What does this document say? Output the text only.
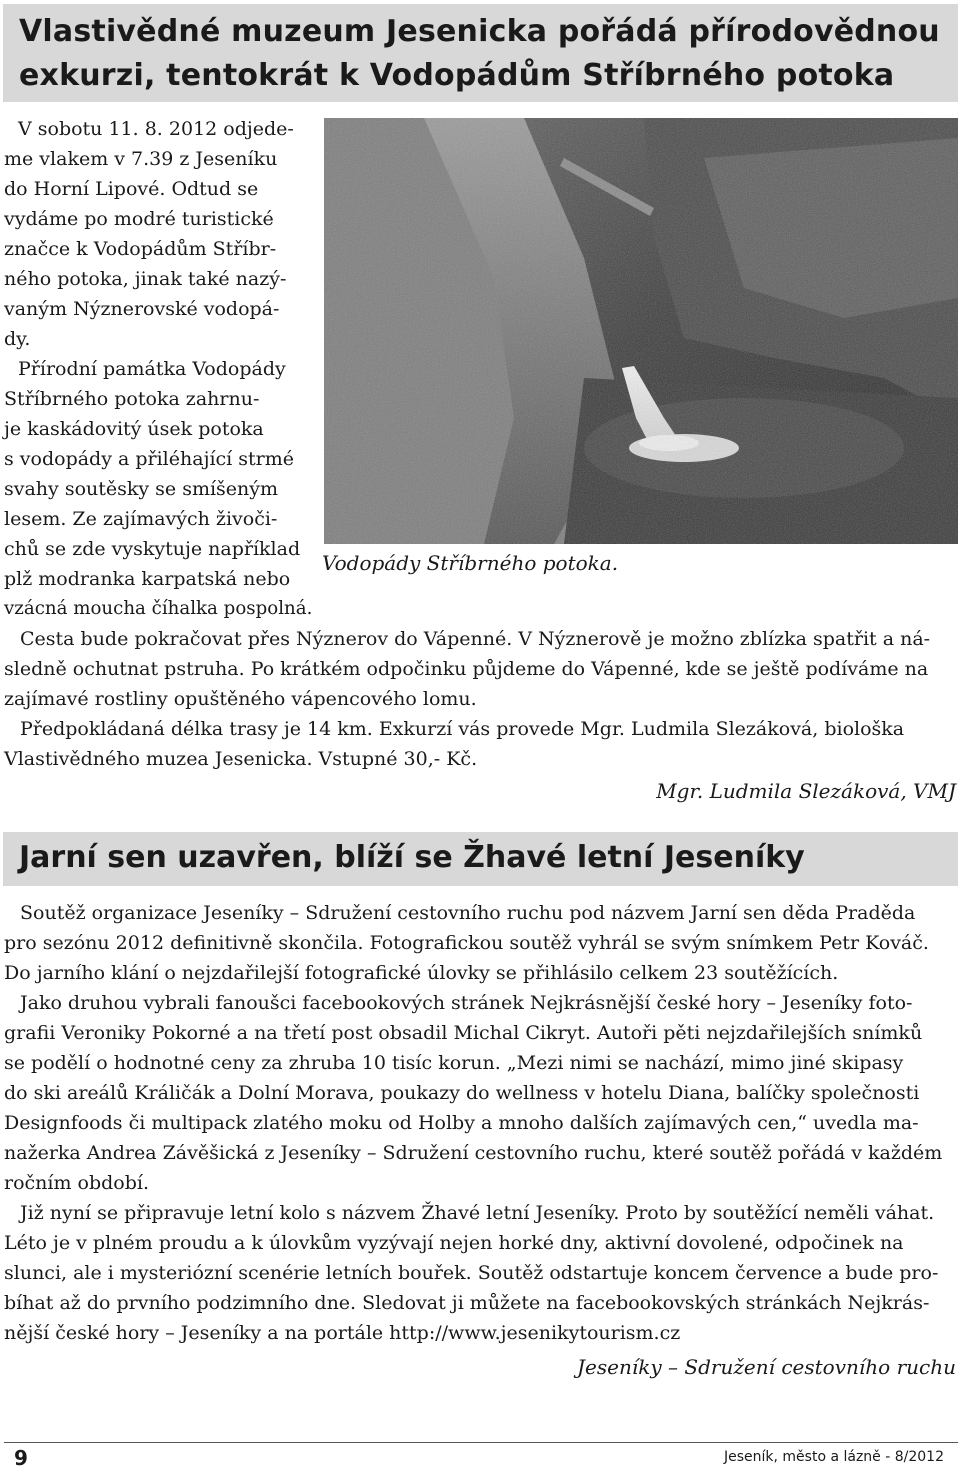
Vlastivědné muzeum Jesenicka pořádá přírodovědnou
exkurzi, tentokrát k Vodopádům Stříbrného potoka
V sobotu 11. 8. 2012 odjede-
me vlakem v 7.39 z Jeseníku
do Horní Lipové. Odtud se
vydáme po modré turistické
značce k Vodopádům Stříbr-
ného potoka, jinak také nazý-
vaným Nýznerovské vodopá-
dy.
Přírodní památka Vodopády
Stříbrného potoka zahrnu-
je kaskádovitý úsek potoka
s vodopády a přiléhající strmé
svahy soutěsky se smíšeným
lesem. Ze zajímavých živoči-
chů se zde vyskytuje například
plž modranka karpatská nebo
vzácná moucha číhalka pospolná.
Vodopády Stříbrného potoka.
Cesta bude pokračovat přes Nýznerov do Vápenné. V Nýznerově je možno zblízka spatřit a ná-
sledně ochutnat pstruha. Po krátkém odpočinku půjdeme do Vápenné, kde se ještě podíváme na
zajímavé rostliny opuštěného vápencového lomu.
Předpokládaná délka trasy je 14 km. Exkurzí vás provede Mgr. Ludmila Slezáková, biološka
Vlastivědného muzea Jesenicka. Vstupné 30,- Kč.
Mgr. Ludmila Slezáková, VMJ
Jarní sen uzavřen, blíží se Žhavé letní Jeseníky
Soutěž organizace Jeseníky – Sdružení cestovního ruchu pod názvem Jarní sen děda Praděda
pro sezónu 2012 definitivně skončila. Fotografickou soutěž vyhrál se svým snímkem Petr Kováč.
Do jarního klání o nejzdařilejší fotografické úlovky se přihlásilo celkem 23 soutěžících.
Jako druhou vybrali fanoušci facebookových stránek Nejkrásnější české hory – Jeseníky foto-
grafii Veroniky Pokorné a na třetí post obsadil Michal Cikryt. Autoři pěti nejzdařilejších snímků
se podělí o hodnotné ceny za zhruba 10 tisíc korun. „Mezi nimi se nachází, mimo jiné skipasy
do ski areálů Králičák a Dolní Morava, poukazy do wellness v hotelu Diana, balíčky společnosti
Designfoods či multipack zlatého moku od Holby a mnoho dalších zajímavých cen,“ uvedla ma-
nažerka Andrea Závěšická z Jeseníky – Sdružení cestovního ruchu, které soutěž pořádá v každém
ročním období.
Již nyní se připravuje letní kolo s názvem Žhavé letní Jeseníky. Proto by soutěžící neměli váhat.
Léto je v plném proudu a k úlovkům vyzývají nejen horké dny, aktivní dovolené, odpočinek na
slunci, ale i mysteriózní scenérie letních bouřek. Soutěž odstartuje koncem července a bude pro-
bíhat až do prvního podzimního dne. Sledovat ji můžete na facebookovských stránkách Nejkrás-
nější české hory – Jeseníky a na portále http://www.jesenikytourism.cz
Jeseníky – Sdružení cestovního ruchu
9	Jeseník, město a lázně - 8/2012
